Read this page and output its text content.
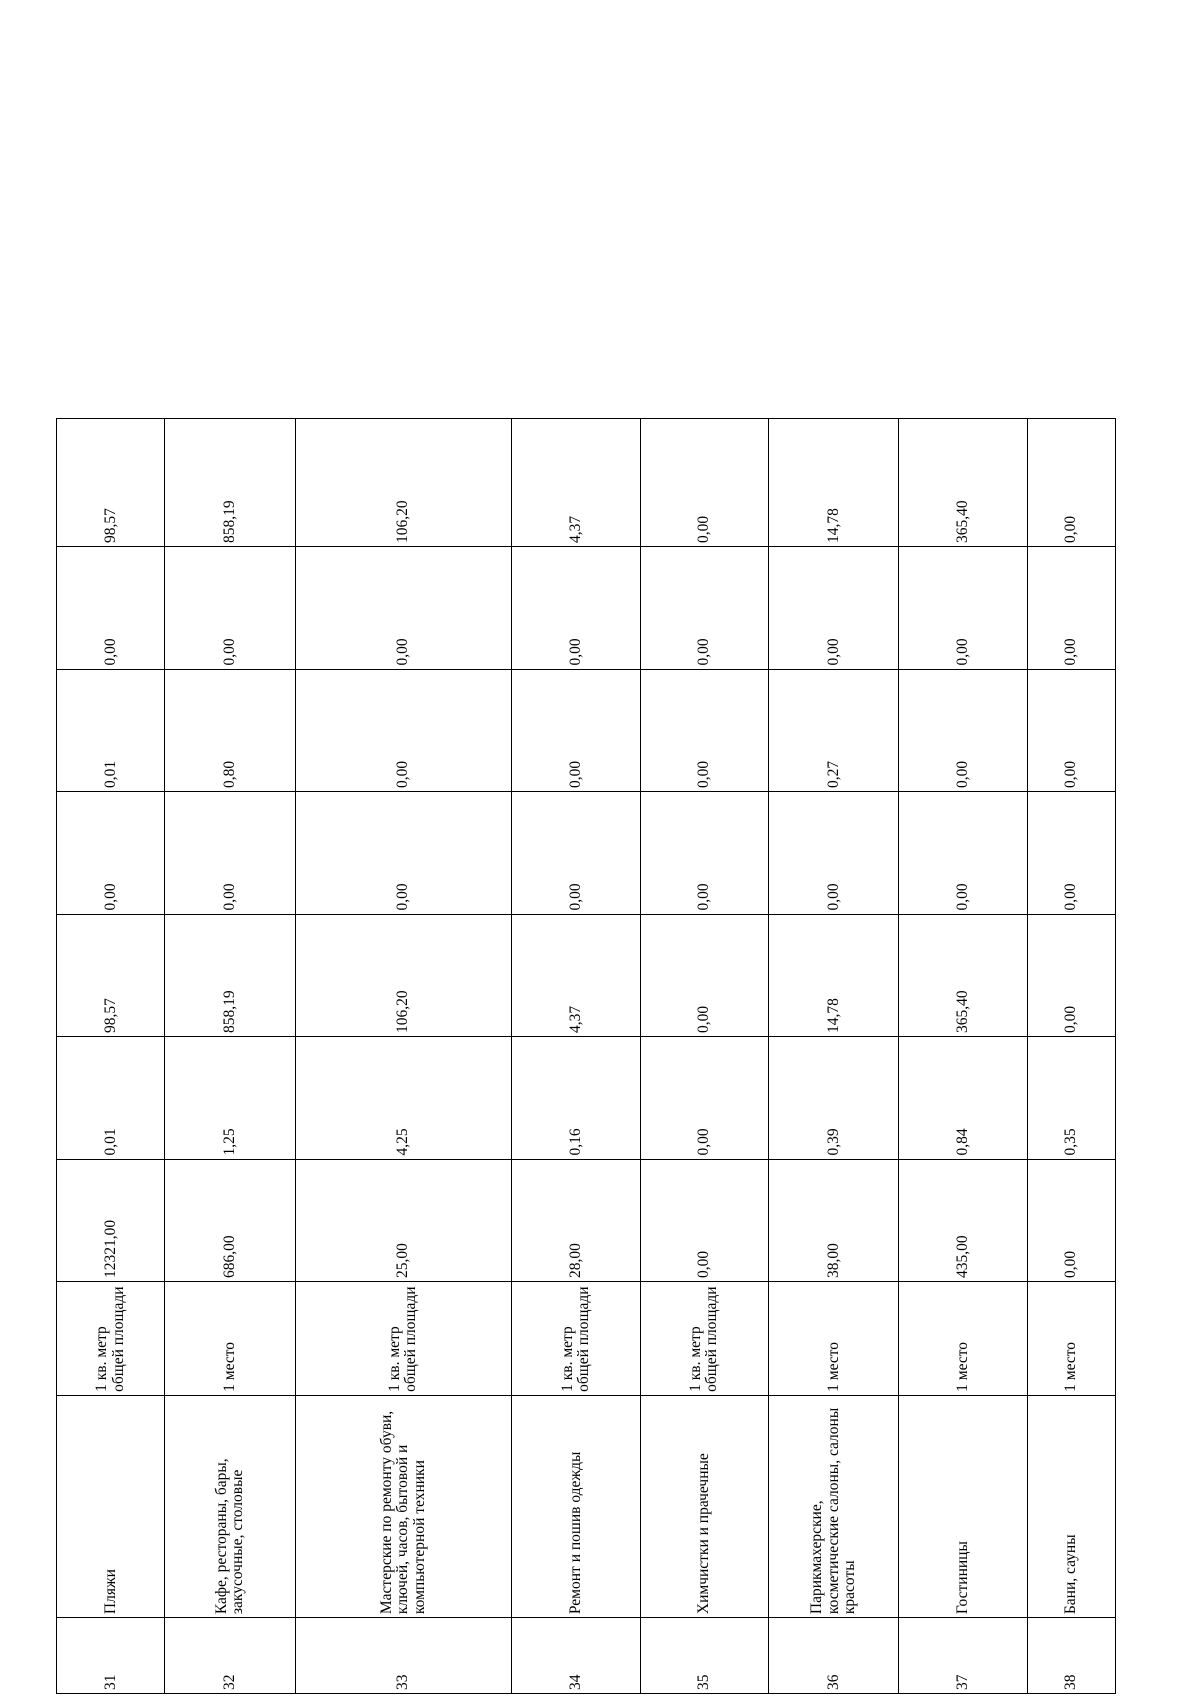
31	Пляжи	1 кв. метр общей площади	12321,00	0,01	98,57	0,00	0,01	0,00	98,57
32	Кафе, рестораны, бары, закусочные, столовые	1 место	686,00	1,25	858,19	0,00	0,80	0,00	858,19
33	Мастерские по ремонту обуви, ключей, часов, бытовой и компьютерной техники	1 кв. метр общей площади	25,00	4,25	106,20	0,00	0,00	0,00	106,20
34	Ремонт и пошив одежды	1 кв. метр общей площади	28,00	0,16	4,37	0,00	0,00	0,00	4,37
35	Химчистки и прачечные	1 кв. метр общей площади	0,00	0,00	0,00	0,00	0,00	0,00	0,00
36	Парикмахерские, косметические салоны, салоны красоты	1 место	38,00	0,39	14,78	0,00	0,27	0,00	14,78
37	Гостиницы	1 место	435,00	0,84	365,40	0,00	0,00	0,00	365,40
38	Бани, сауны	1 место	0,00	0,35	0,00	0,00	0,00	0,00	0,00
